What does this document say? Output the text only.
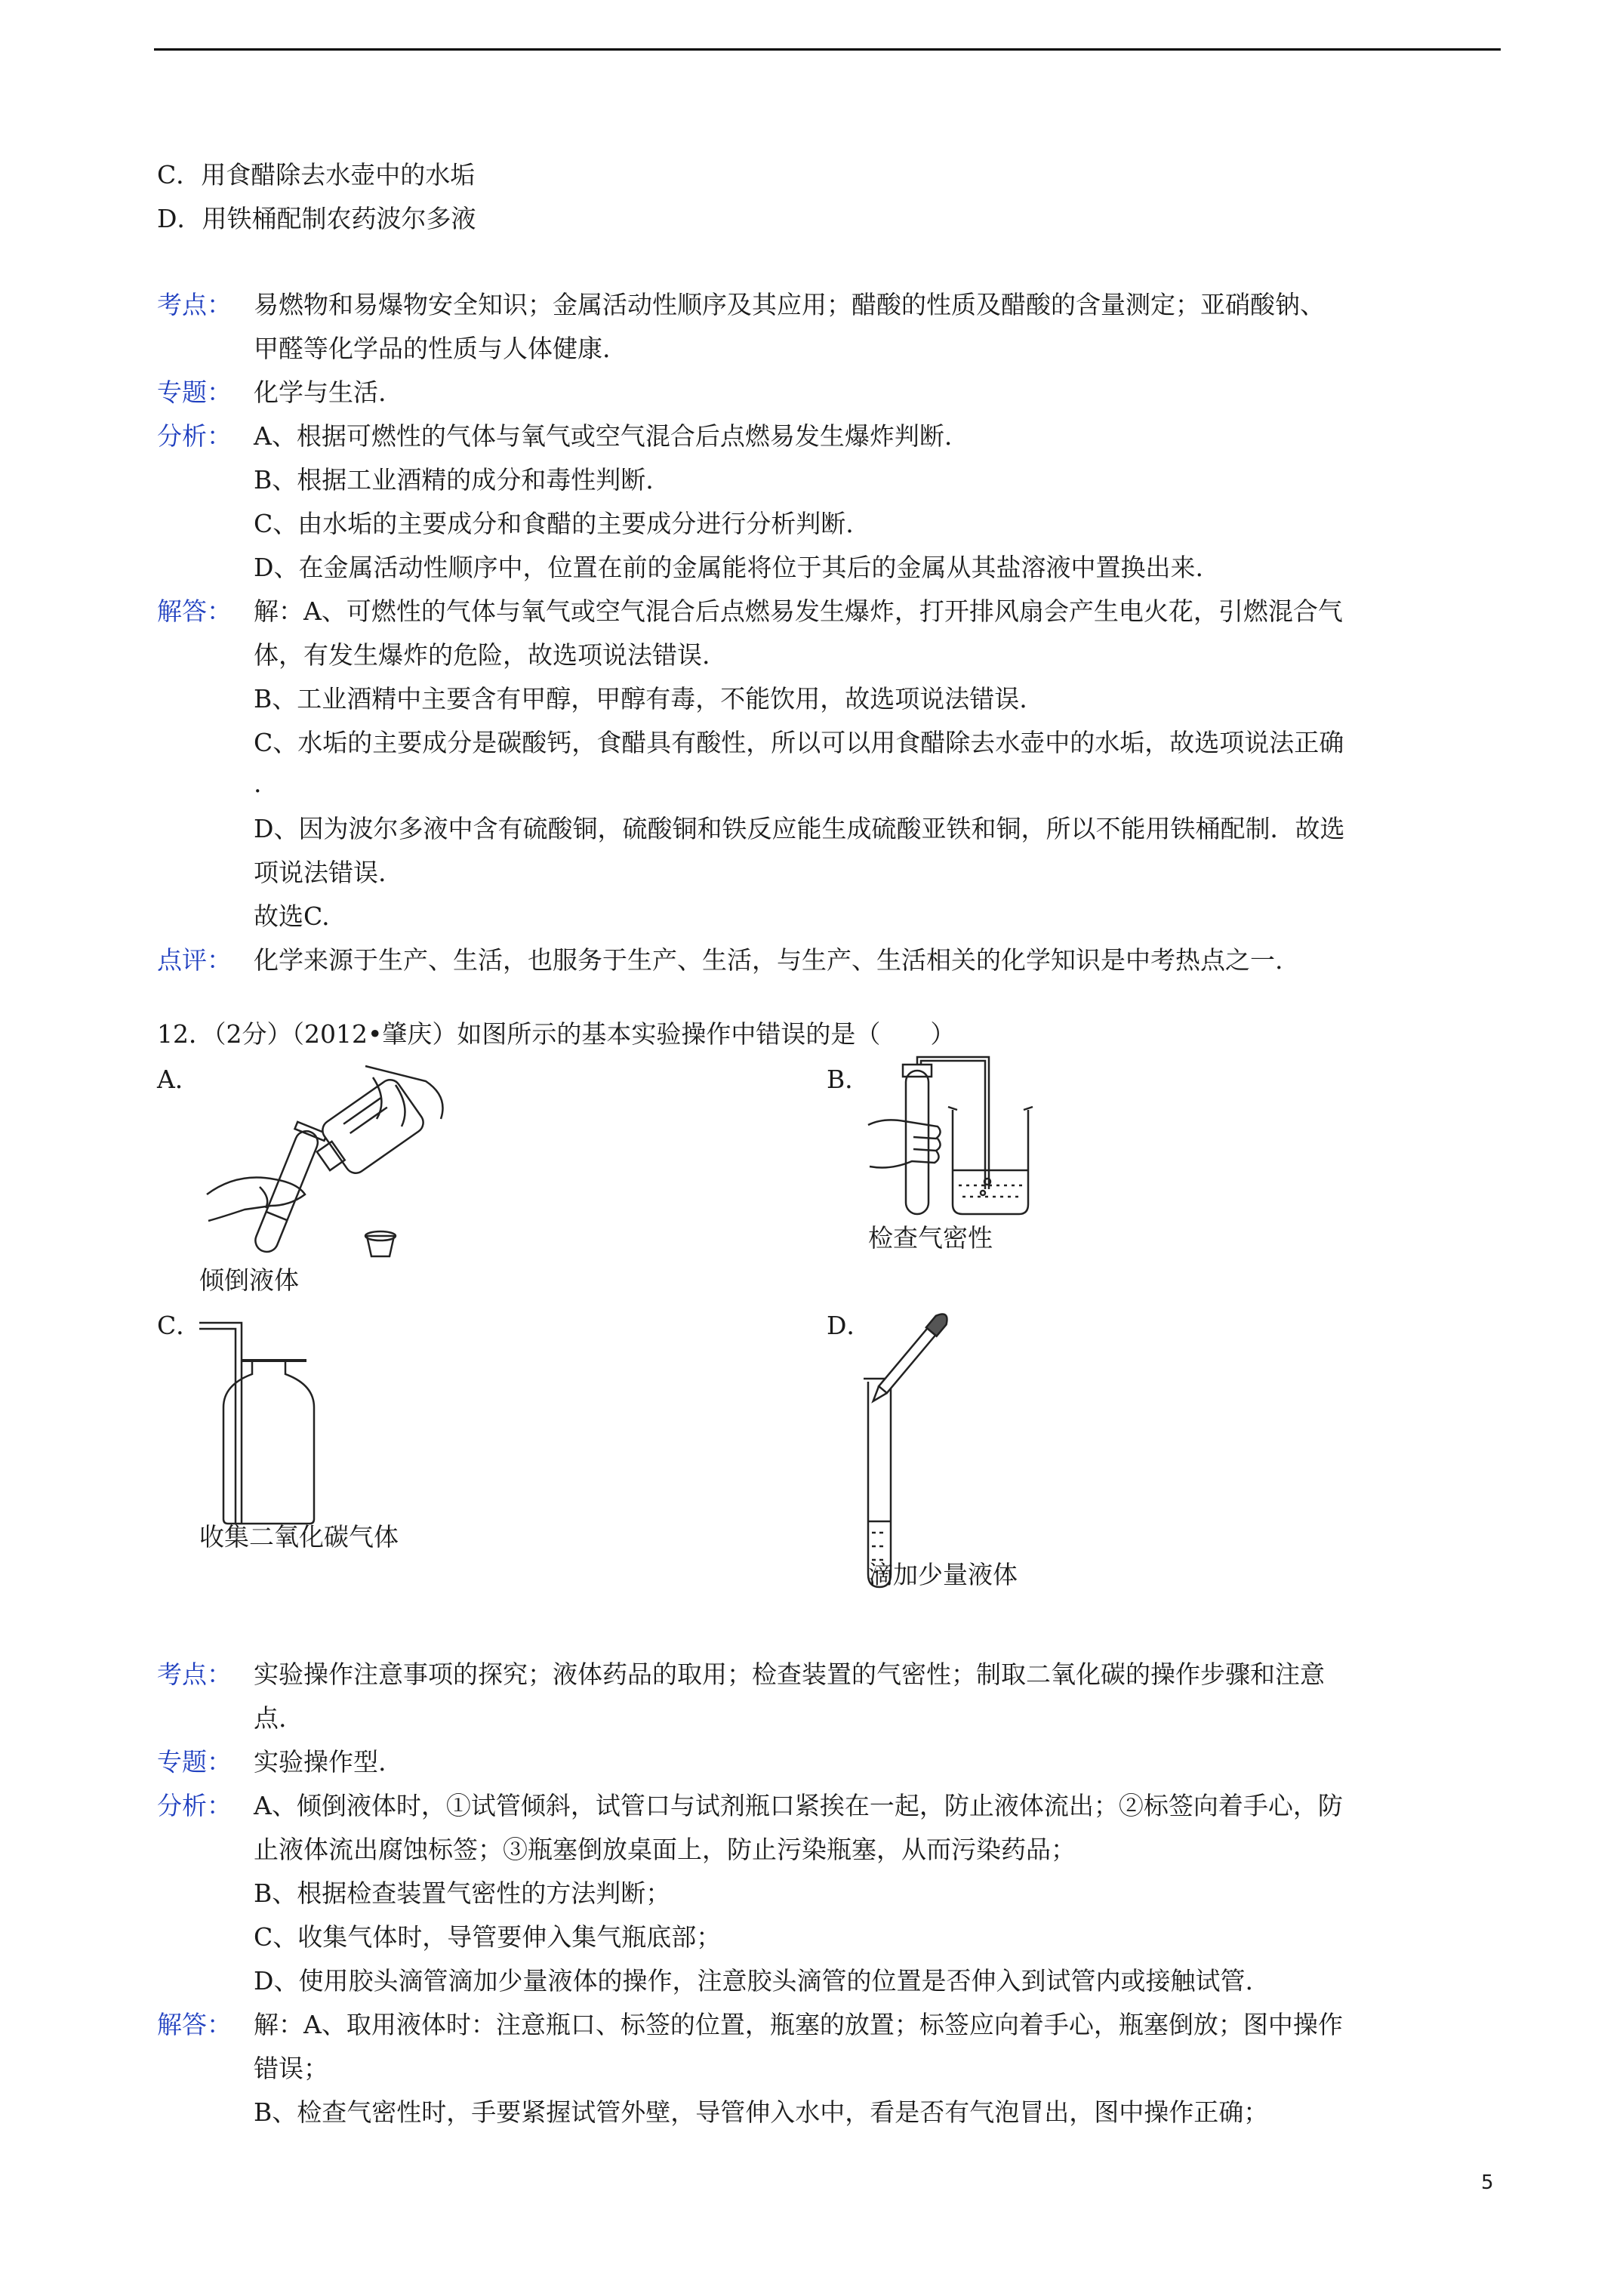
C．用食醋除去水壶中的水垢
D．用铁桶配制农药波尔多液
考点： 易燃物和易爆物安全知识；金属活动性顺序及其应用；醋酸的性质及醋酸的含量测定；亚硝酸钠、
甲醛等化学品的性质与人体健康.
专题： 化学与生活.
分析： A、根据可燃性的气体与氧气或空气混合后点燃易发生爆炸判断.
B、根据工业酒精的成分和毒性判断.
C、由水垢的主要成分和食醋的主要成分进行分析判断.
D、在金属活动性顺序中，位置在前的金属能将位于其后的金属从其盐溶液中置换出来.
解答： 解：A、可燃性的气体与氧气或空气混合后点燃易发生爆炸，打开排风扇会产生电火花，引燃混合气
体，有发生爆炸的危险，故选项说法错误.
B、工业酒精中主要含有甲醇，甲醇有毒，不能饮用，故选项说法错误.
C、水垢的主要成分是碳酸钙，食醋具有酸性，所以可以用食醋除去水壶中的水垢，故选项说法正确
.
D、因为波尔多液中含有硫酸铜，硫酸铜和铁反应能生成硫酸亚铁和铜，所以不能用铁桶配制．故选
项说法错误.
故选C.
点评： 化学来源于生产、生活，也服务于生产、生活，与生产、生活相关的化学知识是中考热点之一.
12．（2分）（2012•肇庆）如图所示的基本实验操作中错误的是（　　）
A．
倾倒液体
B．
检查气密性
C．
收集二氧化碳气体
D．
滴加少量液体
考点： 实验操作注意事项的探究；液体药品的取用；检查装置的气密性；制取二氧化碳的操作步骤和注意
点.
专题： 实验操作型.
分析： A、倾倒液体时，①试管倾斜，试管口与试剂瓶口紧挨在一起，防止液体流出；②标签向着手心，防
止液体流出腐蚀标签；③瓶塞倒放桌面上，防止污染瓶塞，从而污染药品；
B、根据检查装置气密性的方法判断；
C、收集气体时，导管要伸入集气瓶底部；
D、使用胶头滴管滴加少量液体的操作，注意胶头滴管的位置是否伸入到试管内或接触试管.
解答： 解：A、取用液体时：注意瓶口、标签的位置，瓶塞的放置；标签应向着手心，瓶塞倒放；图中操作
错误；
B、检查气密性时，手要紧握试管外壁，导管伸入水中，看是否有气泡冒出，图中操作正确；
5
